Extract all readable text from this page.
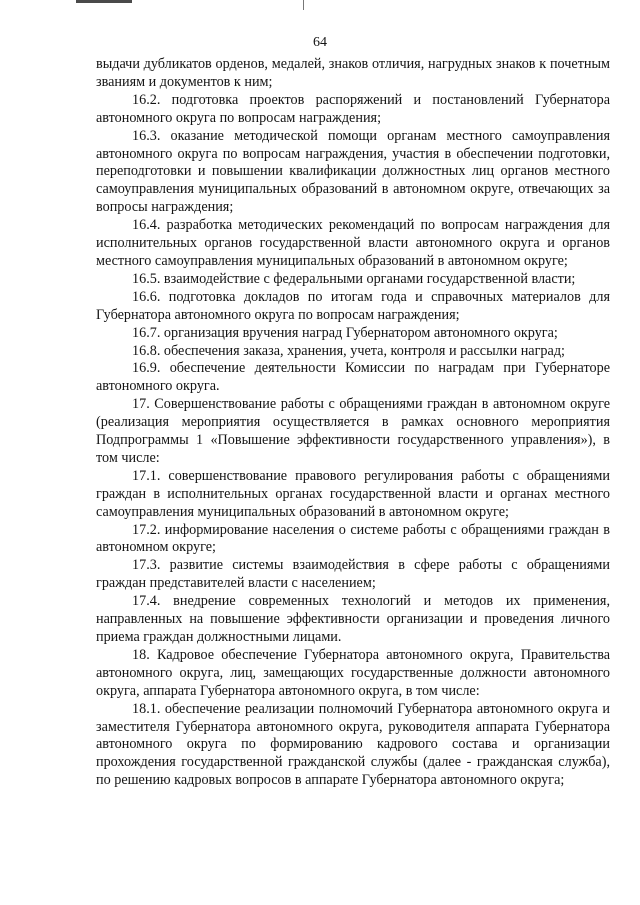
64

выдачи дубликатов орденов, медалей, знаков отличия, нагрудных знаков к почетным званиям и документов к ним;

16.2. подготовка проектов распоряжений и постановлений Губернатора автономного округа по вопросам награждения;

16.3. оказание методической помощи органам местного самоуправления автономного округа по вопросам награждения, участия в обеспечении подготовки, переподготовки и повышении квалификации должностных лиц органов местного самоуправления муниципальных образований в автономном округе, отвечающих за вопросы награждения;

16.4. разработка методических рекомендаций по вопросам награждения для исполнительных органов государственной власти автономного округа и органов местного самоуправления муниципальных образований в автономном округе;

16.5. взаимодействие с федеральными органами государственной власти;

16.6. подготовка докладов по итогам года и справочных материалов для Губернатора автономного округа по вопросам награждения;

16.7. организация вручения наград Губернатором автономного округа;

16.8. обеспечения заказа, хранения, учета, контроля и рассылки наград;

16.9. обеспечение деятельности Комиссии по наградам при Губернаторе автономного округа.

17. Совершенствование работы с обращениями граждан в автономном округе (реализация мероприятия осуществляется в рамках основного мероприятия Подпрограммы 1 «Повышение эффективности государственного управления»), в том числе:

17.1. совершенствование правового регулирования работы с обращениями граждан в исполнительных органах государственной власти и органах местного самоуправления муниципальных образований в автономном округе;

17.2. информирование населения о системе работы с обращениями граждан в автономном округе;

17.3. развитие системы взаимодействия в сфере работы с обращениями граждан представителей власти с населением;

17.4. внедрение современных технологий и методов их применения, направленных на повышение эффективности организации и проведения личного приема граждан должностными лицами.

18. Кадровое обеспечение Губернатора автономного округа, Правительства автономного округа, лиц, замещающих государственные должности автономного округа, аппарата Губернатора автономного округа, в том числе:

18.1. обеспечение реализации полномочий Губернатора автономного округа и заместителя Губернатора автономного округа, руководителя аппарата Губернатора автономного округа по формированию кадрового состава и организации прохождения государственной гражданской службы (далее - гражданская служба), по решению кадровых вопросов в аппарате Губернатора автономного округа;
